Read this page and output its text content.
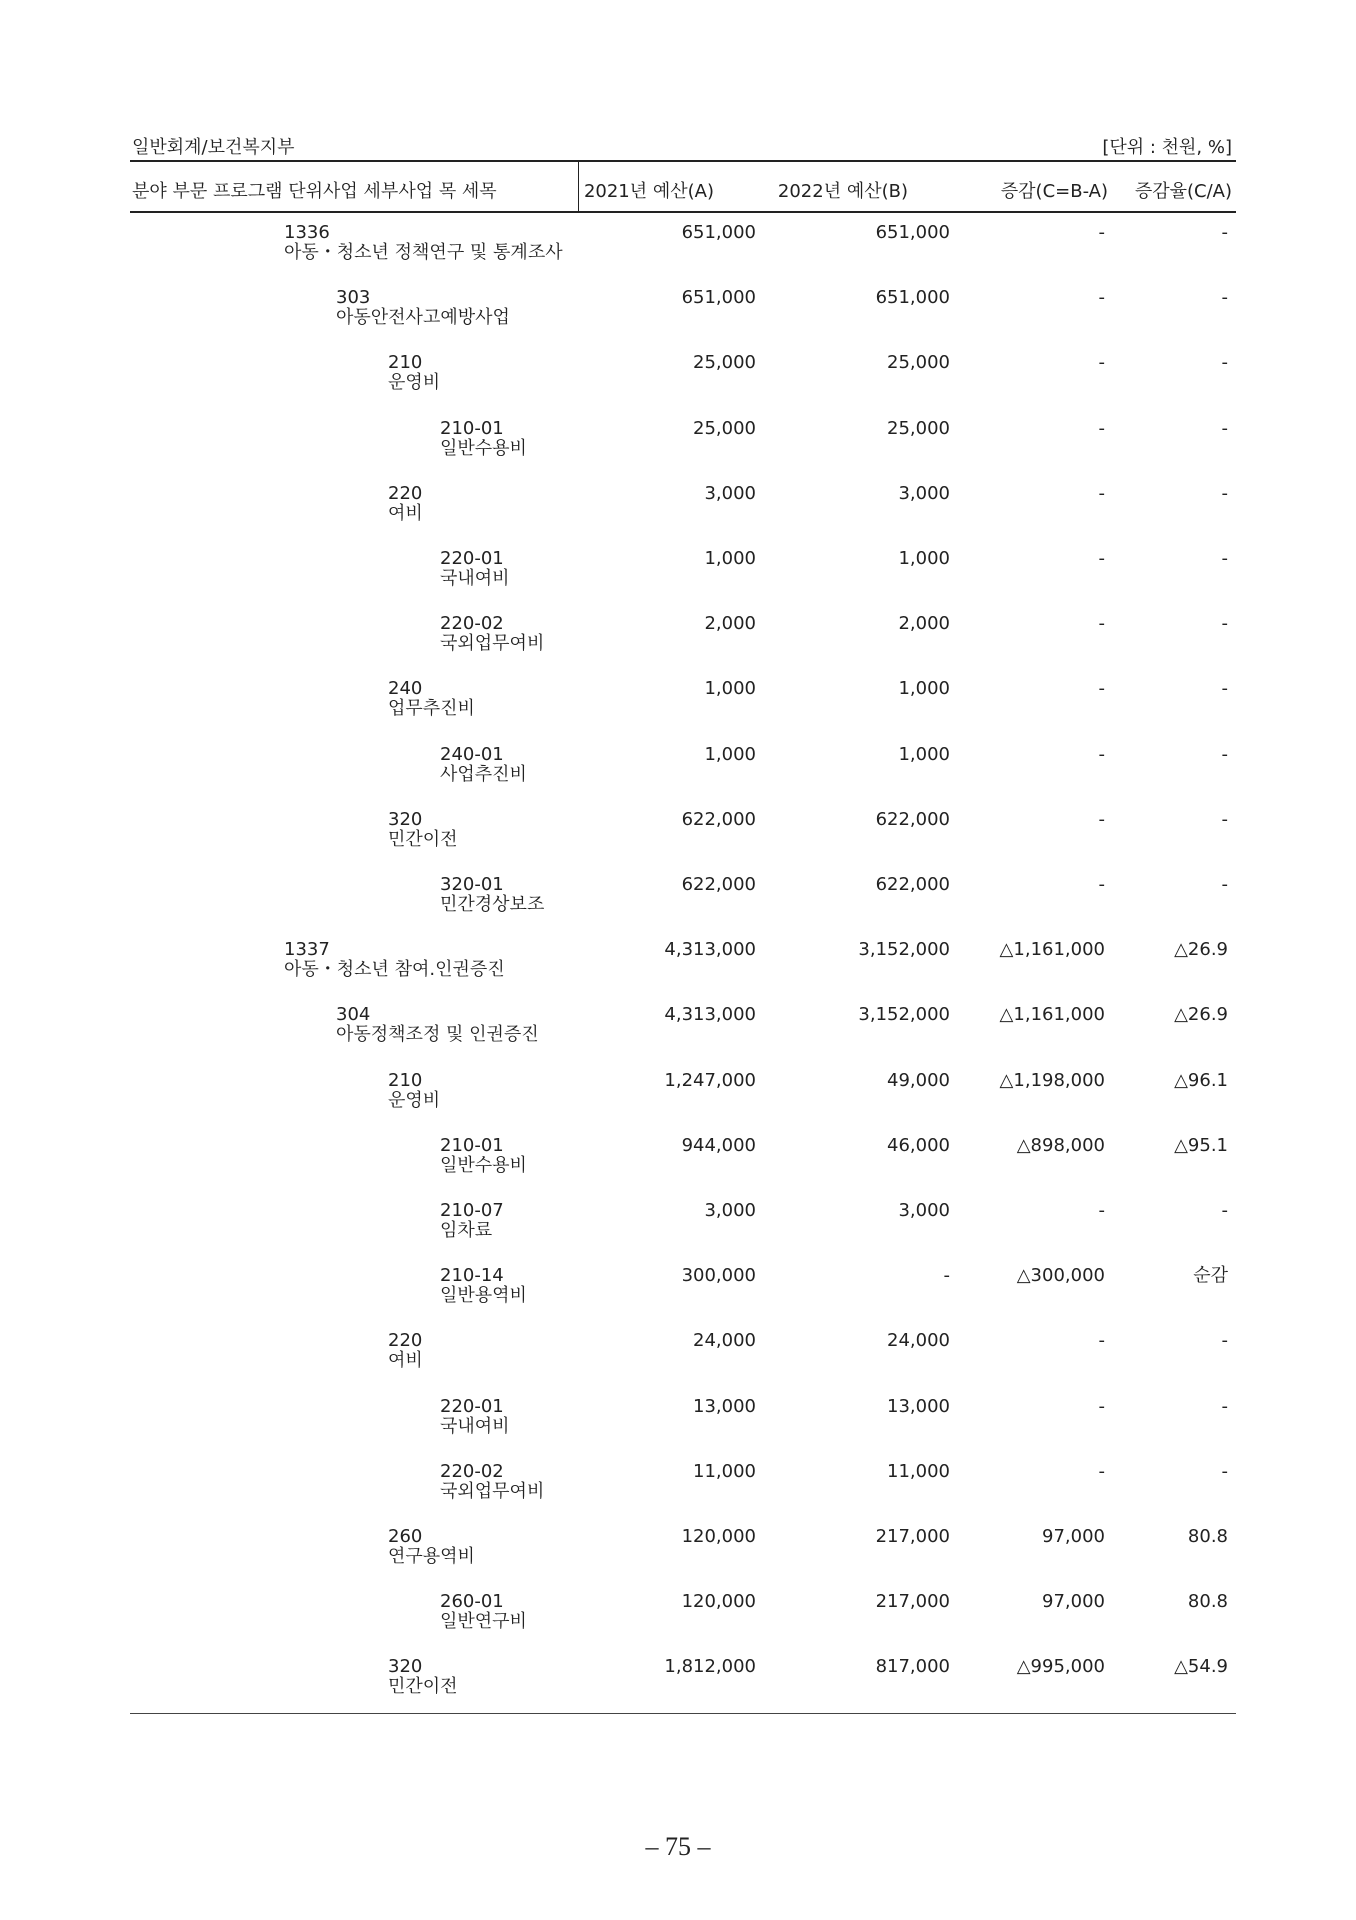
일반회계/보건복지부	[단위 : 천원, %]
분야 부문 프로그램 단위사업 세부사업 목 세목	2021년 예산(A)	2022년 예산(B)	증감(C=B-A) 증감율(C/A)
1336
아동・청소년 정책연구 및 통계조사
651,000	651,000	-	-
303
아동안전사고예방사업
651,000	651,000	-	-
210
운영비
25,000	25,000	-	-
210-01
일반수용비
25,000	25,000	-	-
220
여비
3,000	3,000	-	-
220-01
국내여비
1,000	1,000	-	-
220-02
국외업무여비
2,000	2,000	-	-
240
업무추진비
1,000	1,000	-	-
240-01
사업추진비
1,000	1,000	-	-
320
민간이전
622,000	622,000	-	-
320-01
민간경상보조
622,000	622,000	-	-
1337
아동・청소년 참여.인권증진
4,313,000	3,152,000	△1,161,000	△26.9
304
아동정책조정 및 인권증진
4,313,000	3,152,000	△1,161,000	△26.9
210
운영비
1,247,000	49,000	△1,198,000	△96.1
210-01
일반수용비
944,000	46,000	△898,000	△95.1
210-07
임차료
3,000	3,000	-	-
210-14
일반용역비
300,000	-	△300,000	순감
220
여비
24,000	24,000	-	-
220-01
국내여비
13,000	13,000	-	-
220-02
국외업무여비
11,000	11,000	-	-
260
연구용역비
120,000	217,000	97,000	80.8
260-01
일반연구비
120,000	217,000	97,000	80.8
320
민간이전
1,812,000	817,000	△995,000	△54.9
– 75 –
